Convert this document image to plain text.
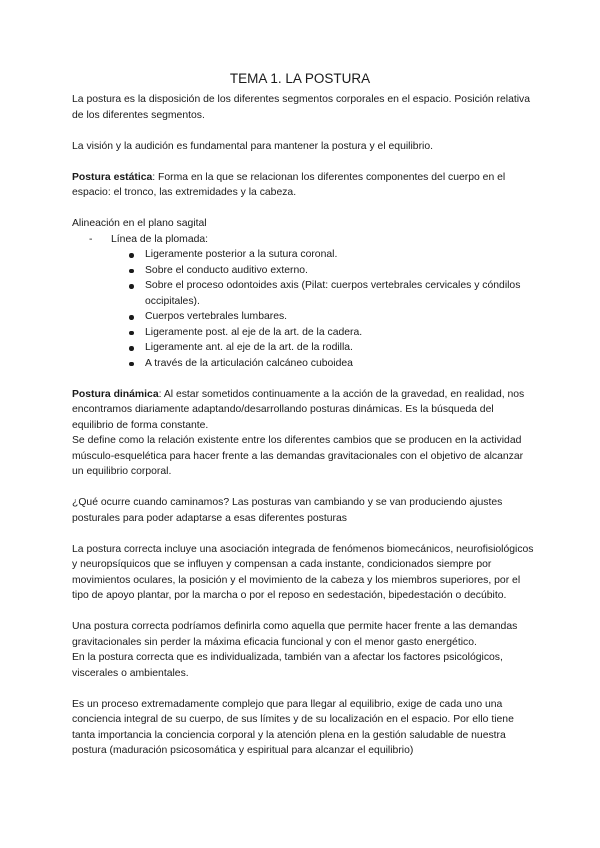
TEMA 1. LA POSTURA

La postura es la disposición de los diferentes segmentos corporales en el espacio. Posición relativa de los diferentes segmentos.

La visión y la audición es fundamental para mantener la postura y el equilibrio.

Postura estática: Forma en la que se relacionan los diferentes componentes del cuerpo en el espacio: el tronco, las extremidades y la cabeza.

Alineación en el plano sagital

-	Línea de la plomada:
Ligeramente posterior a la sutura coronal.
Sobre el conducto auditivo externo.
Sobre el proceso odontoides axis (Pilat: cuerpos vertebrales cervicales y cóndilos occipitales).
Cuerpos vertebrales lumbares.
Ligeramente post. al eje de la art. de la cadera.
Ligeramente ant. al eje de la art. de la rodilla.
A través de la articulación calcáneo cuboidea

Postura dinámica: Al estar sometidos continuamente a la acción de la gravedad, en realidad, nos encontramos diariamente adaptando/desarrollando posturas dinámicas. Es la búsqueda del equilibrio de forma constante.

Se define como la relación existente entre los diferentes cambios que se producen en la actividad músculo-esquelética para hacer frente a las demandas gravitacionales con el objetivo de alcanzar un equilibrio corporal.

¿Qué ocurre cuando caminamos? Las posturas van cambiando y se van produciendo ajustes posturales para poder adaptarse a esas diferentes posturas

La postura correcta incluye una asociación integrada de fenómenos biomecánicos, neurofisiológicos y neuropsíquicos que se influyen y compensan a cada instante, condicionados siempre por movimientos oculares, la posición y el movimiento de la cabeza y los miembros superiores, por el tipo de apoyo plantar, por la marcha o por el reposo en sedestación, bipedestación o decúbito.

Una postura correcta podríamos definirla como aquella que permite hacer frente a las demandas gravitacionales sin perder la máxima eficacia funcional y con el menor gasto energético.

En la postura correcta que es individualizada, también van a afectar los factores psicológicos, viscerales o ambientales.

Es un proceso extremadamente complejo que para llegar al equilibrio, exige de cada uno una conciencia integral de su cuerpo, de sus límites y de su localización en el espacio. Por ello tiene tanta importancia la conciencia corporal y la atención plena en la gestión saludable de nuestra postura (maduración psicosomática y espiritual para alcanzar el equilibrio)
